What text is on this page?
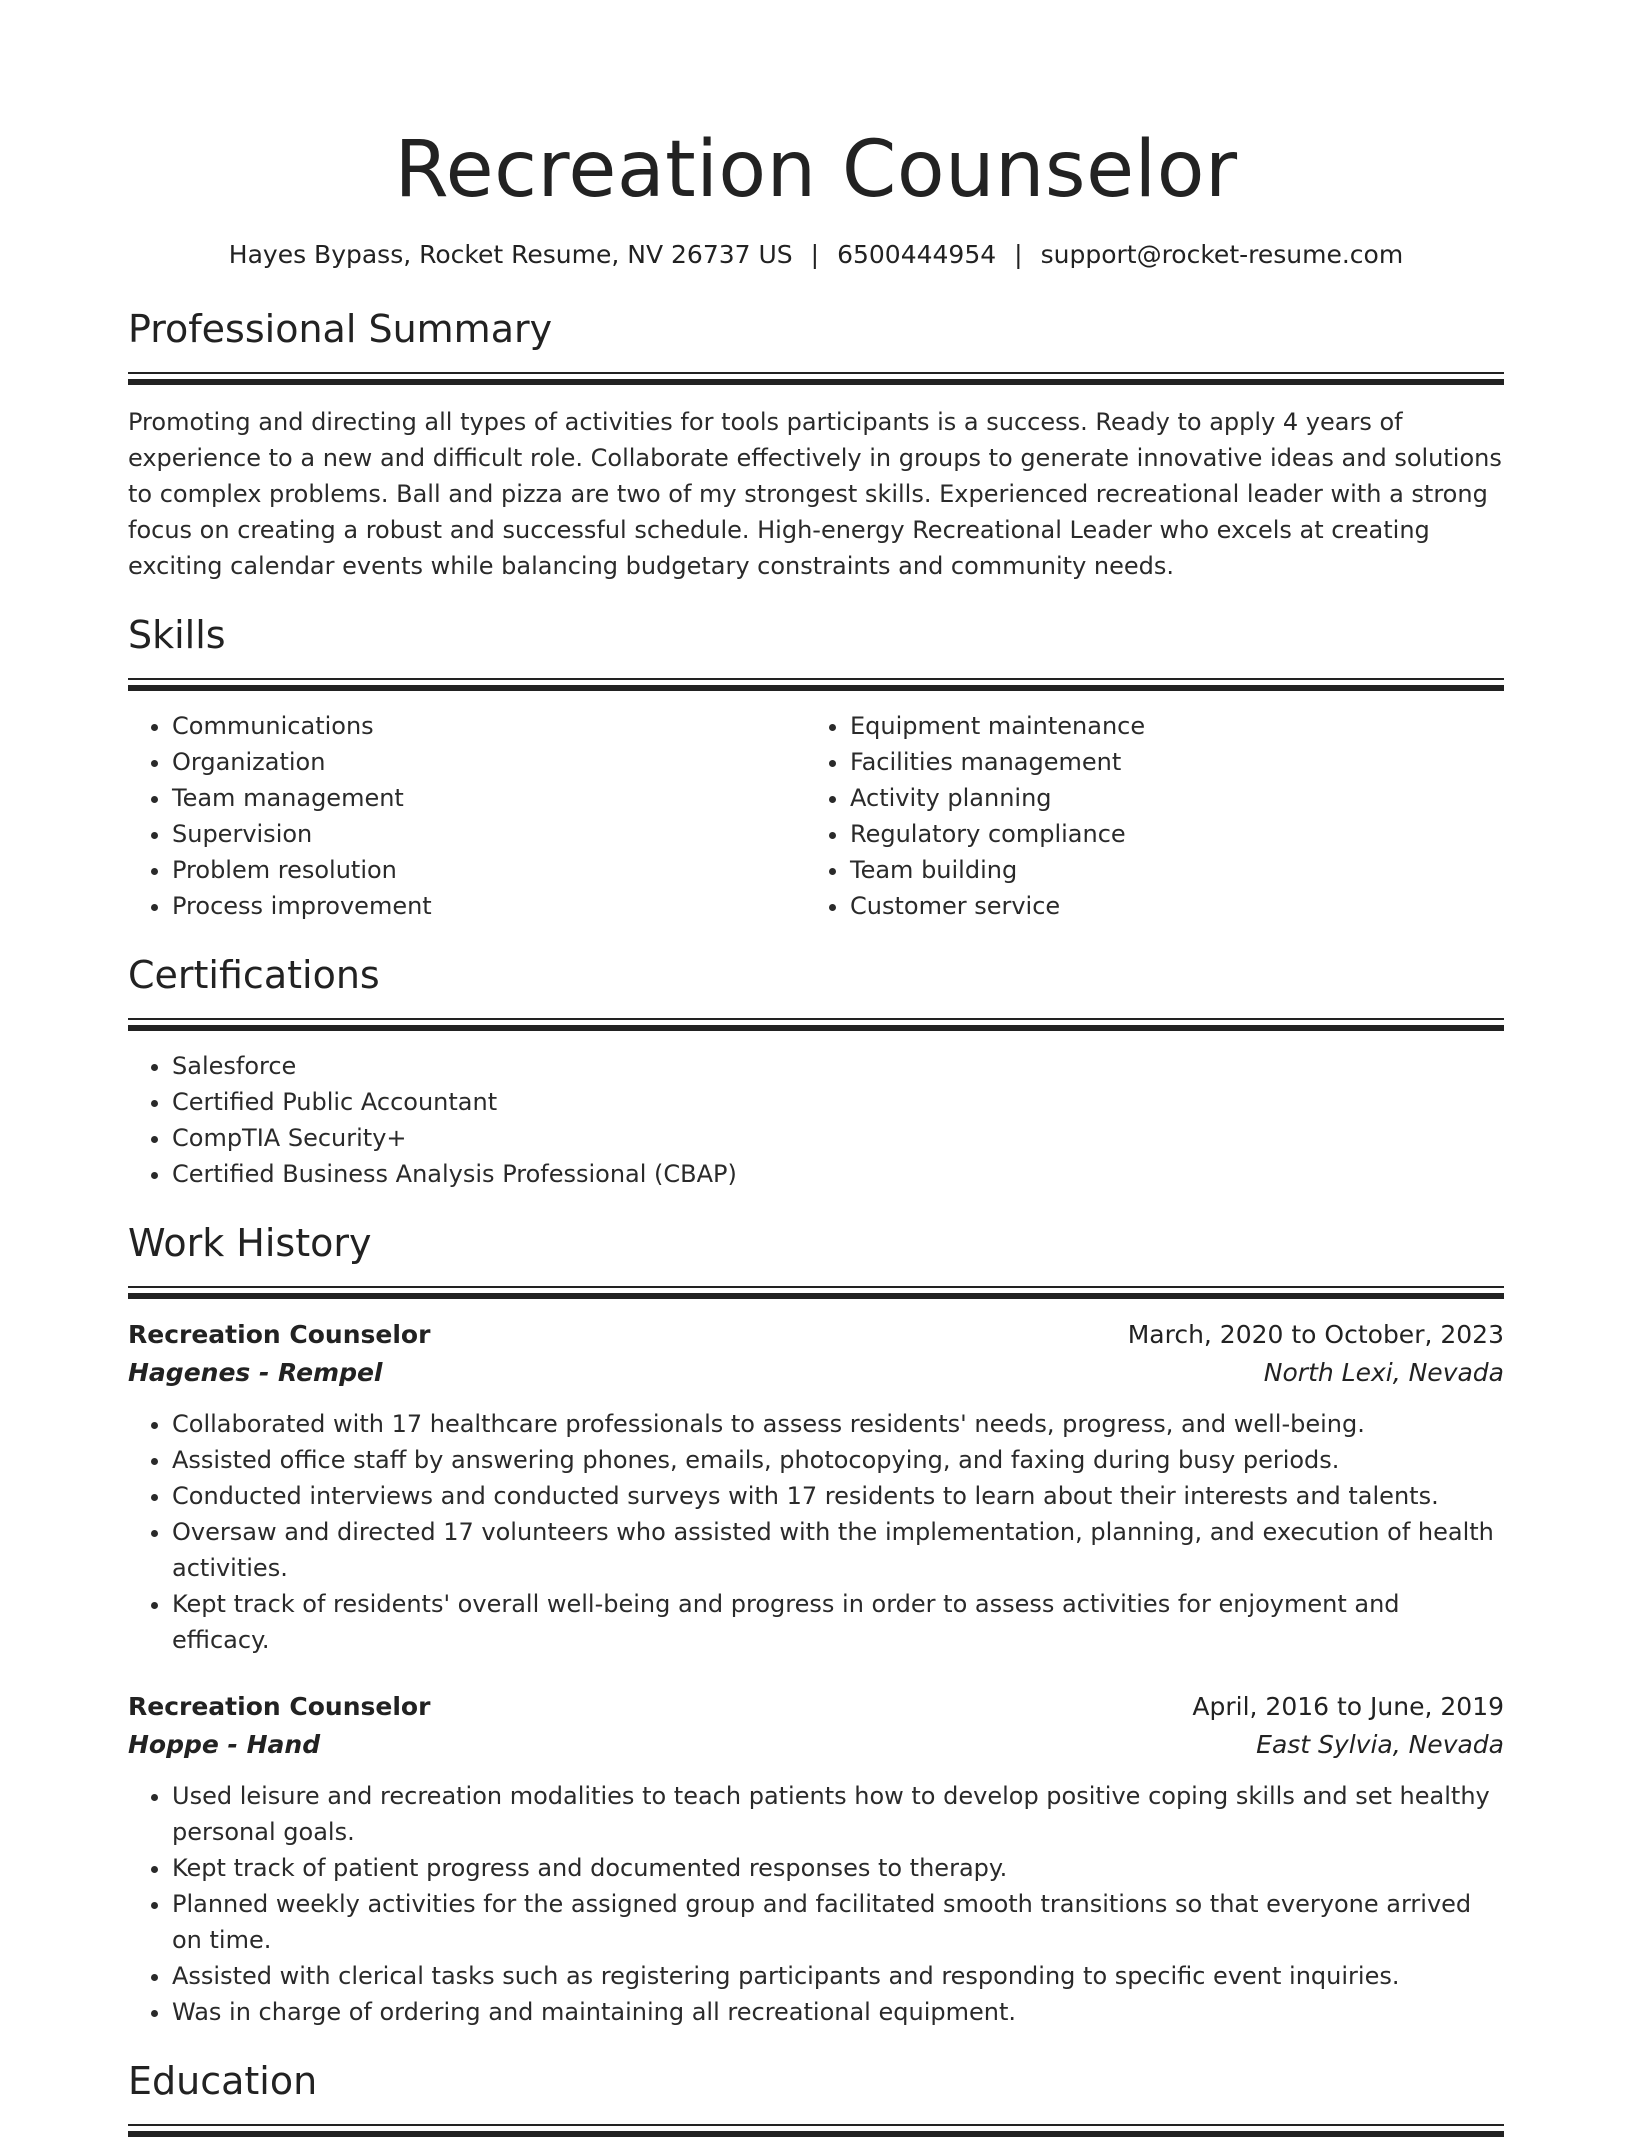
Recreation Counselor
Hayes Bypass, Rocket Resume, NV 26737 US | 6500444954 | support@rocket-resume.com
Professional Summary

Promoting and directing all types of activities for tools participants is a success. Ready to apply 4 years of experience to a new and difficult role. Collaborate effectively in groups to generate innovative ideas and solutions to complex problems. Ball and pizza are two of my strongest skills. Experienced recreational leader with a strong focus on creating a robust and successful schedule. High-energy Recreational Leader who excels at creating exciting calendar events while balancing budgetary constraints and community needs.

Skills
• Communications
• Organization
• Team management
• Supervision
• Problem resolution
• Process improvement
• Equipment maintenance
• Facilities management
• Activity planning
• Regulatory compliance
• Team building
• Customer service
Certifications
• Salesforce
• Certified Public Accountant
• CompTIA Security+
• Certified Business Analysis Professional (CBAP)
Work History
Recreation Counselor	March, 2020 to October, 2023
Hagenes - Rempel	North Lexi, Nevada
• Collaborated with 17 healthcare professionals to assess residents' needs, progress, and well-being.
• Assisted office staff by answering phones, emails, photocopying, and faxing during busy periods.
• Conducted interviews and conducted surveys with 17 residents to learn about their interests and talents.
• Oversaw and directed 17 volunteers who assisted with the implementation, planning, and execution of health activities.
• Kept track of residents' overall well-being and progress in order to assess activities for enjoyment and efficacy.
Recreation Counselor	April, 2016 to June, 2019
Hoppe - Hand	East Sylvia, Nevada
• Used leisure and recreation modalities to teach patients how to develop positive coping skills and set healthy personal goals.
• Kept track of patient progress and documented responses to therapy.
• Planned weekly activities for the assigned group and facilitated smooth transitions so that everyone arrived on time.
• Assisted with clerical tasks such as registering participants and responding to specific event inquiries.
• Was in charge of ordering and maintaining all recreational equipment.
Education
